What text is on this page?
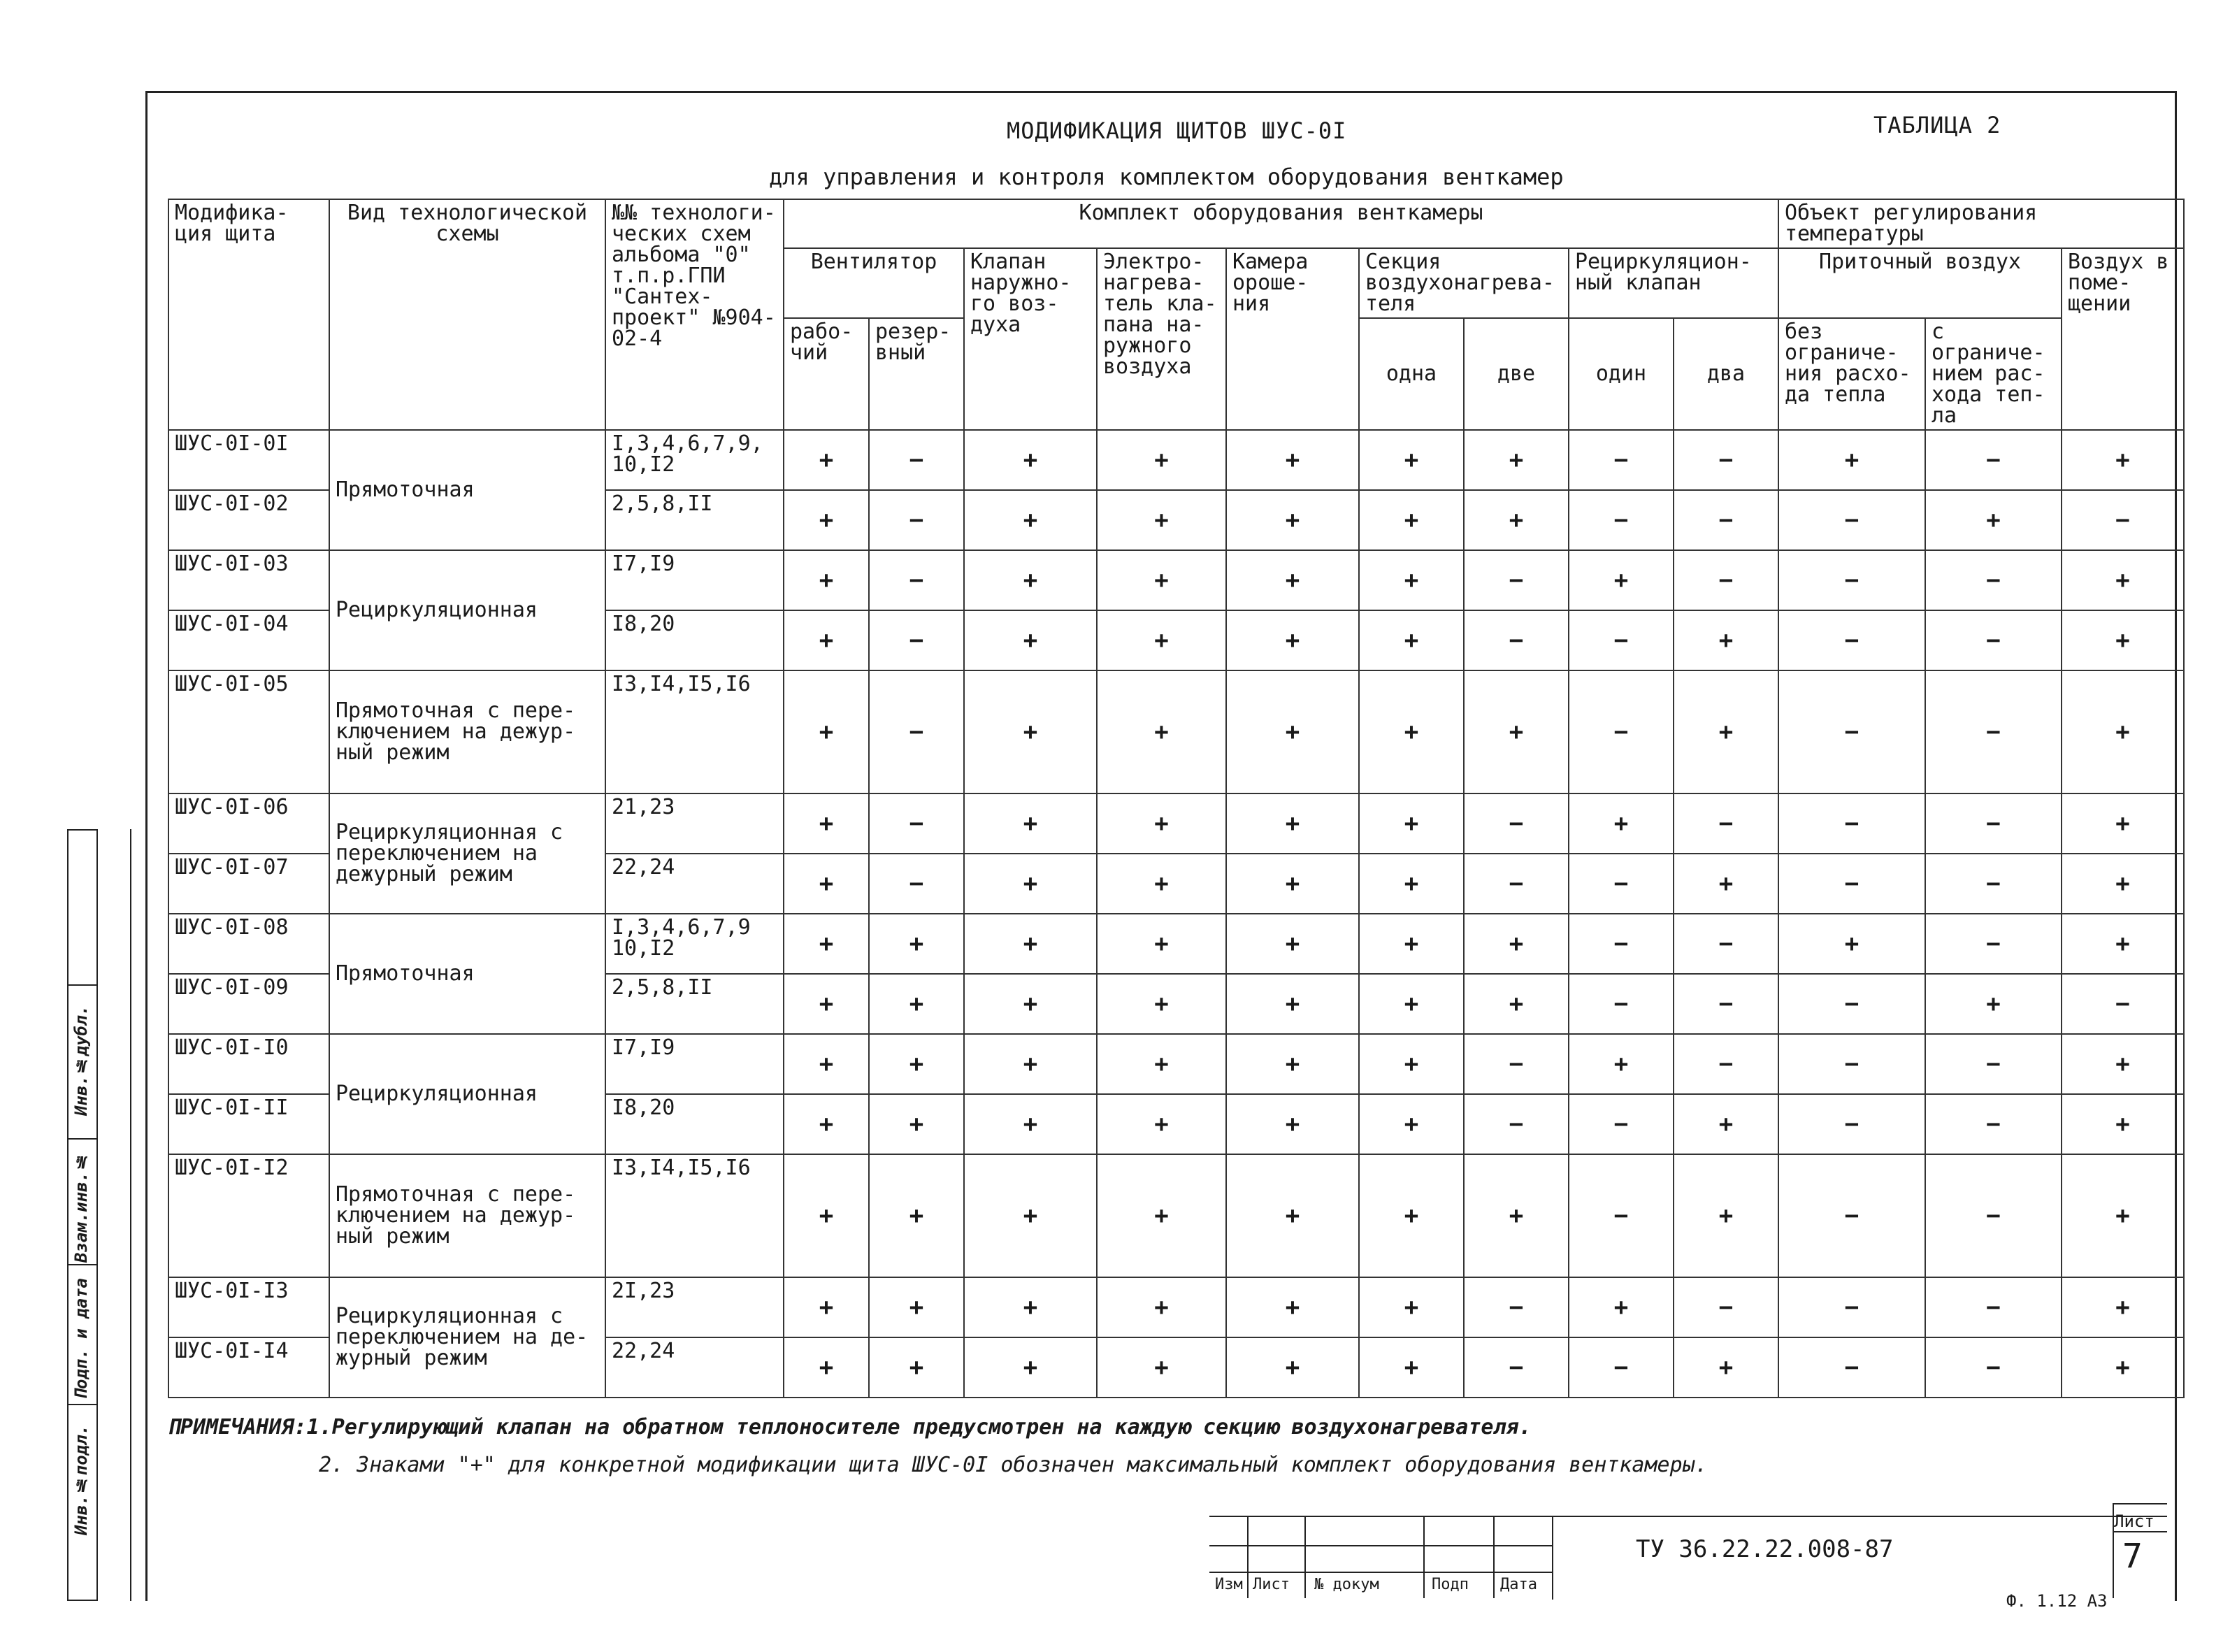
МОДИФИКАЦИЯ ЩИТОВ ШУС-0I	ТАБЛИЦА 2
для управления и контроля комплектом оборудования венткамер
Модифика- ция щита	Вид технологической схемы	№№ технологи- ческих схем альбома "0" т.п.р.ГПИ "Сантех- проект" №904-02-4	Комплект оборудования венткамеры									Объект регулирования температуры		
			Вентилятор		Клапан наружно- го воз- духа	Электро- нагрева- тель кла- пана на- ружного воздуха	Камера ороше- ния	Секция воздухонагрева- теля		Рециркуляцион- ный клапан		Приточный воздух		Воздух в поме- щении
			рабо- чий	резер- вный				одна	две	один	два	без ограниче- ния расхо- да тепла	с ограниче- нием рас- хода теп- ла	
ШУС-0I-0I	Прямоточная	I,3,4,6,7,9, 10,I2	+	−	+	+	+	+	+	−	−	+	−	+
ШУС-0I-02		2,5,8,II	+	−	+	+	+	+	+	−	−	−	+	−
ШУС-0I-03	Рециркуляционная	I7,I9	+	−	+	+	+	+	−	+	−	−	−	+
ШУС-0I-04		I8,20	+	−	+	+	+	+	−	−	+	−	−	+
ШУС-0I-05	Прямоточная с пере- ключением на дежур- ный режим	I3,I4,I5,I6	+	−	+	+	+	+	+	−	+	−	−	+
ШУС-0I-06	Рециркуляционная с переключением на дежурный режим	21,23	+	−	+	+	+	+	−	+	−	−	−	+
ШУС-0I-07		22,24	+	−	+	+	+	+	−	−	+	−	−	+
ШУС-0I-08	Прямоточная	I,3,4,6,7,9 10,I2	+	+	+	+	+	+	+	−	−	+	−	+
ШУС-0I-09		2,5,8,II	+	+	+	+	+	+	+	−	−	−	+	−
ШУС-0I-I0	Рециркуляционная	I7,I9	+	+	+	+	+	+	−	+	−	−	−	+
ШУС-0I-II		I8,20	+	+	+	+	+	+	−	−	+	−	−	+
ШУС-0I-I2	Прямоточная с пере- ключением на дежур- ный режим	I3,I4,I5,I6	+	+	+	+	+	+	+	−	+	−	−	+
ШУС-0I-I3	Рециркуляционная с переключением на де- журный режим	2I,23	+	+	+	+	+	+	−	+	−	−	−	+
ШУС-0I-I4		22,24	+	+	+	+	+	+	−	−	+	−	−	+
ПРИМЕЧАНИЯ:1.Регулирующий клапан на обратном теплоносителе предусмотрен на каждую секцию воздухонагревателя.
2. Знаками "+" для конкретной модификации щита ШУС-0I обозначен максимальный комплект оборудования венткамеры.
Изм Лист № докум	Подп Дата
ТУ 36.22.22.008-87
Лист
7
Ф. 1.12 А3
Инв.№дубл.
Взам.инв.№
Подп. и дата
Инв.№подл.
